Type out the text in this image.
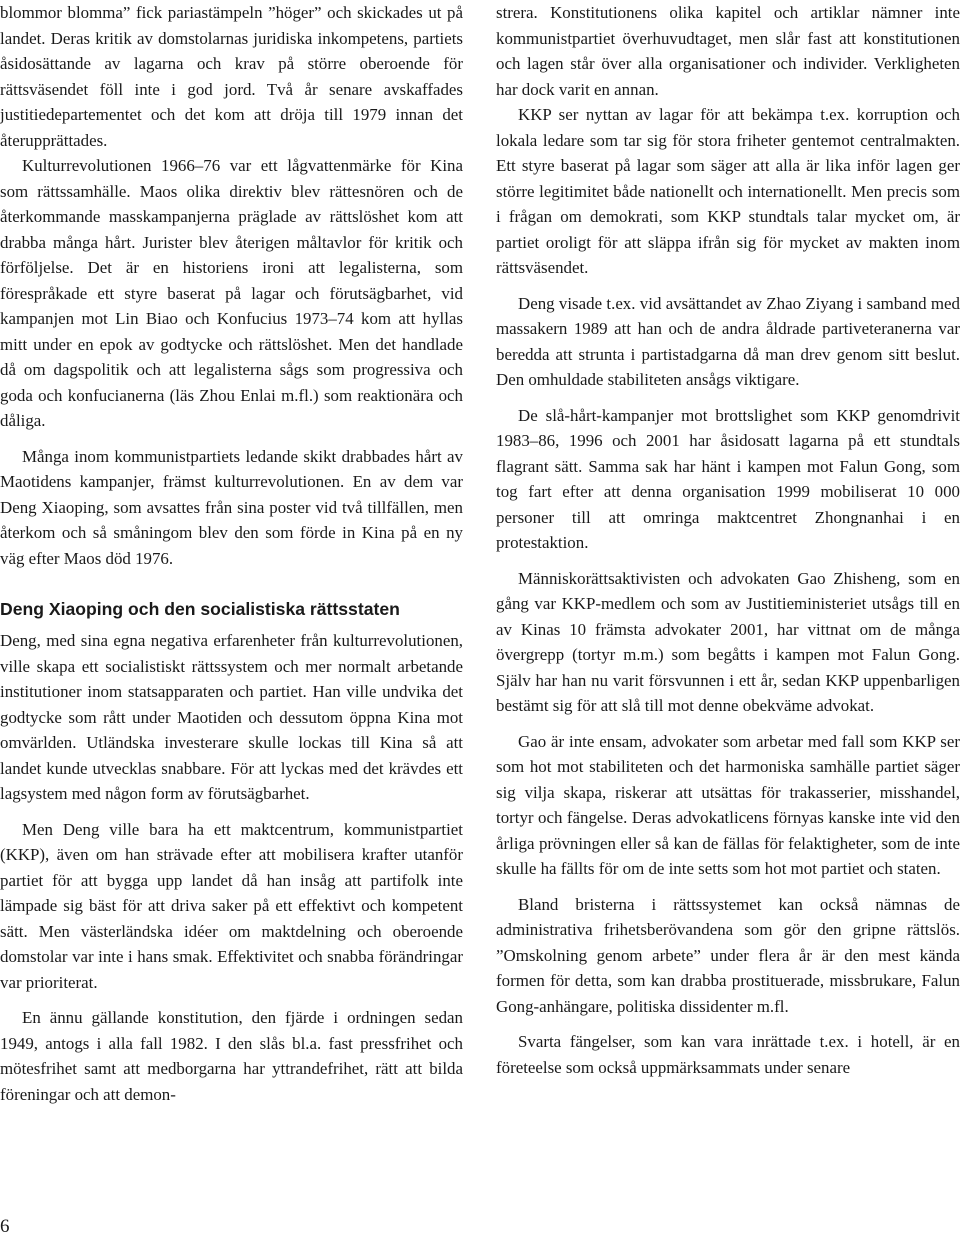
blommor blomma” fick pariastämpeln ”höger” och skickades ut på landet. Deras kritik av domstolarnas juridiska inkompetens, partiets åsidosättande av lagarna och krav på större oberoende för rättsväsendet föll inte i god jord. Två år senare avskaffades justitiedepartementet och det kom att dröja till 1979 innan det återupprättades.

Kulturrevolutionen 1966–76 var ett lågvattenmärke för Kina som rättssamhälle. Maos olika direktiv blev rättesnören och de återkommande masskampanjerna präglade av rättslöshet kom att drabba många hårt. Jurister blev återigen måltavlor för kritik och förföljelse. Det är en historiens ironi att legalisterna, som förespråkade ett styre baserat på lagar och förutsägbarhet, vid kampanjen mot Lin Biao och Konfucius 1973–74 kom att hyllas mitt under en epok av godtycke och rättslöshet. Men det handlade då om dagspolitik och att legalisterna sågs som progressiva och goda och konfucianerna (läs Zhou Enlai m.fl.) som reaktionära och dåliga.

Många inom kommunistpartiets ledande skikt drabbades hårt av Maotidens kampanjer, främst kulturrevolutionen. En av dem var Deng Xiaoping, som avsattes från sina poster vid två tillfällen, men återkom och så småningom blev den som förde in Kina på en ny väg efter Maos död 1976.

Deng Xiaoping och den socialistiska rättsstaten

Deng, med sina egna negativa erfarenheter från kulturrevolutionen, ville skapa ett socialistiskt rättssystem och mer normalt arbetande institutioner inom statsapparaten och partiet. Han ville undvika det godtycke som rått under Maotiden och dessutom öppna Kina mot omvärlden. Utländska investerare skulle lockas till Kina så att landet kunde utvecklas snabbare. För att lyckas med det krävdes ett lagsystem med någon form av förutsägbarhet.

Men Deng ville bara ha ett maktcentrum, kommunistpartiet (KKP), även om han strävade efter att mobilisera krafter utanför partiet för att bygga upp landet då han insåg att partifolk inte lämpade sig bäst för att driva saker på ett effektivt och kompetent sätt. Men västerländska idéer om maktdelning och oberoende domstolar var inte i hans smak. Effektivitet och snabba förändringar var prioriterat.

En ännu gällande konstitution, den fjärde i ordningen sedan 1949, antogs i alla fall 1982. I den slås bl.a. fast pressfrihet och mötesfrihet samt att medborgarna har yttrandefrihet, rätt att bilda föreningar och att demon-

strera. Konstitutionens olika kapitel och artiklar nämner inte kommunistpartiet överhuvudtaget, men slår fast att konstitutionen och lagen står över alla organisationer och individer. Verkligheten har dock varit en annan.

KKP ser nyttan av lagar för att bekämpa t.ex. korruption och lokala ledare som tar sig för stora friheter gentemot centralmakten. Ett styre baserat på lagar som säger att alla är lika inför lagen ger större legitimitet både nationellt och internationellt. Men precis som i frågan om demokrati, som KKP stundtals talar mycket om, är partiet oroligt för att släppa ifrån sig för mycket av makten inom rättsväsendet.

Deng visade t.ex. vid avsättandet av Zhao Ziyang i samband med massakern 1989 att han och de andra åldrade partiveteranerna var beredda att strunta i partistadgarna då man drev genom sitt beslut. Den omhuldade stabiliteten ansågs viktigare.

De slå-hårt-kampanjer mot brottslighet som KKP genomdrivit 1983–86, 1996 och 2001 har åsidosatt lagarna på ett stundtals flagrant sätt. Samma sak har hänt i kampen mot Falun Gong, som tog fart efter att denna organisation 1999 mobiliserat 10 000 personer till att omringa maktcentret Zhongnanhai i en protestaktion.

Människorättsaktivisten och advokaten Gao Zhisheng, som en gång var KKP-medlem och som av Justitieministeriet utsågs till en av Kinas 10 främsta advokater 2001, har vittnat om de många övergrepp (tortyr m.m.) som begåtts i kampen mot Falun Gong. Själv har han nu varit försvunnen i ett år, sedan KKP uppenbarligen bestämt sig för att slå till mot denne obekväme advokat.

Gao är inte ensam, advokater som arbetar med fall som KKP ser som hot mot stabiliteten och det harmoniska samhälle partiet säger sig vilja skapa, riskerar att utsättas för trakasserier, misshandel, tortyr och fängelse. Deras advokatlicens förnyas kanske inte vid den årliga prövningen eller så kan de fällas för felaktigheter, som de inte skulle ha fällts för om de inte setts som hot mot partiet och staten.

Bland bristerna i rättssystemet kan också nämnas de administrativa frihetsberövandena som gör den gripne rättslös. ”Omskolning genom arbete” under flera år är den mest kända formen för detta, som kan drabba prostituerade, missbrukare, Falun Gong-anhängare, politiska dissidenter m.fl.

Svarta fängelser, som kan vara inrättade t.ex. i hotell, är en företeelse som också uppmärksammats under senare

6
